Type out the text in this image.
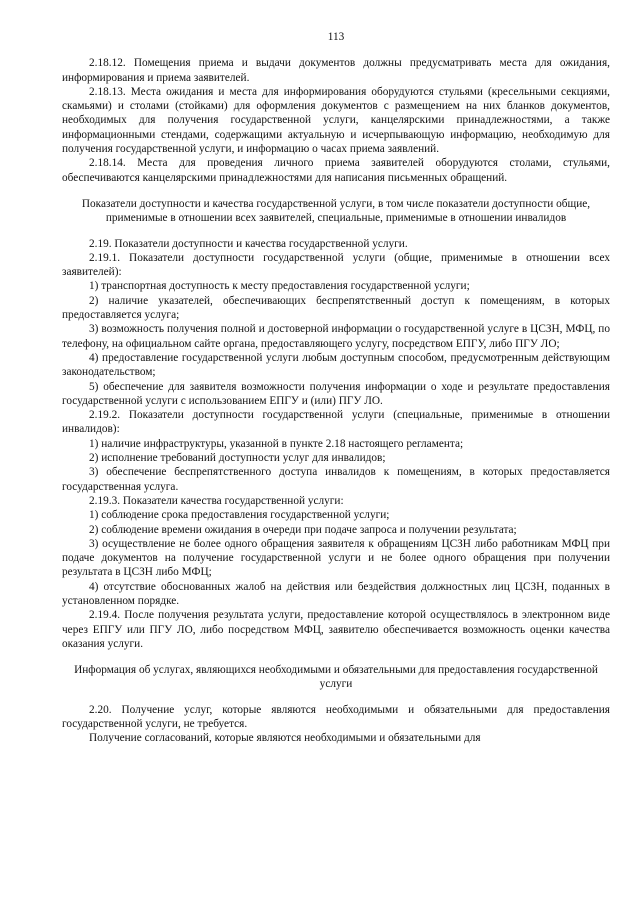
113

2.18.12. Помещения приема и выдачи документов должны предусматривать места для ожидания, информирования и приема заявителей.

2.18.13. Места ожидания и места для информирования оборудуются стульями (кресельными секциями, скамьями) и столами (стойками) для оформления документов с размещением на них бланков документов, необходимых для получения государственной услуги, канцелярскими принадлежностями, а также информационными стендами, содержащими актуальную и исчерпывающую информацию, необходимую для получения государственной услуги, и информацию о часах приема заявлений.

2.18.14. Места для проведения личного приема заявителей оборудуются столами, стульями, обеспечиваются канцелярскими принадлежностями для написания письменных обращений.

Показатели доступности и качества государственной услуги, в том числе показатели доступности общие, применимые в отношении всех заявителей, специальные, применимые в отношении инвалидов

2.19. Показатели доступности и качества государственной услуги.

2.19.1. Показатели доступности государственной услуги (общие, применимые в отношении всех заявителей):

1) транспортная доступность к месту предоставления государственной услуги;

2) наличие указателей, обеспечивающих беспрепятственный доступ к помещениям, в которых предоставляется услуга;

3) возможность получения полной и достоверной информации о государственной услуге в ЦСЗН, МФЦ, по телефону, на официальном сайте органа, предоставляющего услугу, посредством ЕПГУ, либо ПГУ ЛО;

4) предоставление государственной услуги любым доступным способом, предусмотренным действующим законодательством;

5) обеспечение для заявителя возможности получения информации о ходе и результате предоставления государственной услуги с использованием ЕПГУ и (или) ПГУ ЛО.

2.19.2. Показатели доступности государственной услуги (специальные, применимые в отношении инвалидов):

1) наличие инфраструктуры, указанной в пункте 2.18 настоящего регламента;

2) исполнение требований доступности услуг для инвалидов;

3) обеспечение беспрепятственного доступа инвалидов к помещениям, в которых предоставляется государственная услуга.

2.19.3. Показатели качества государственной услуги:

1) соблюдение срока предоставления государственной услуги;

2) соблюдение времени ожидания в очереди при подаче запроса и получении результата;

3) осуществление не более одного обращения заявителя к обращениям ЦСЗН либо работникам МФЦ при подаче документов на получение государственной услуги и не более одного обращения при получении результата в ЦСЗН либо МФЦ;

4) отсутствие обоснованных жалоб на действия или бездействия должностных лиц ЦСЗН, поданных в установленном порядке.

2.19.4. После получения результата услуги, предоставление которой осуществлялось в электронном виде через ЕПГУ или ПГУ ЛО, либо посредством МФЦ, заявителю обеспечивается возможность оценки качества оказания услуги.

Информация об услугах, являющихся необходимыми и обязательными для предоставления государственной услуги

2.20. Получение услуг, которые являются необходимыми и обязательными для предоставления государственной услуги, не требуется.

Получение согласований, которые являются необходимыми и обязательными для
